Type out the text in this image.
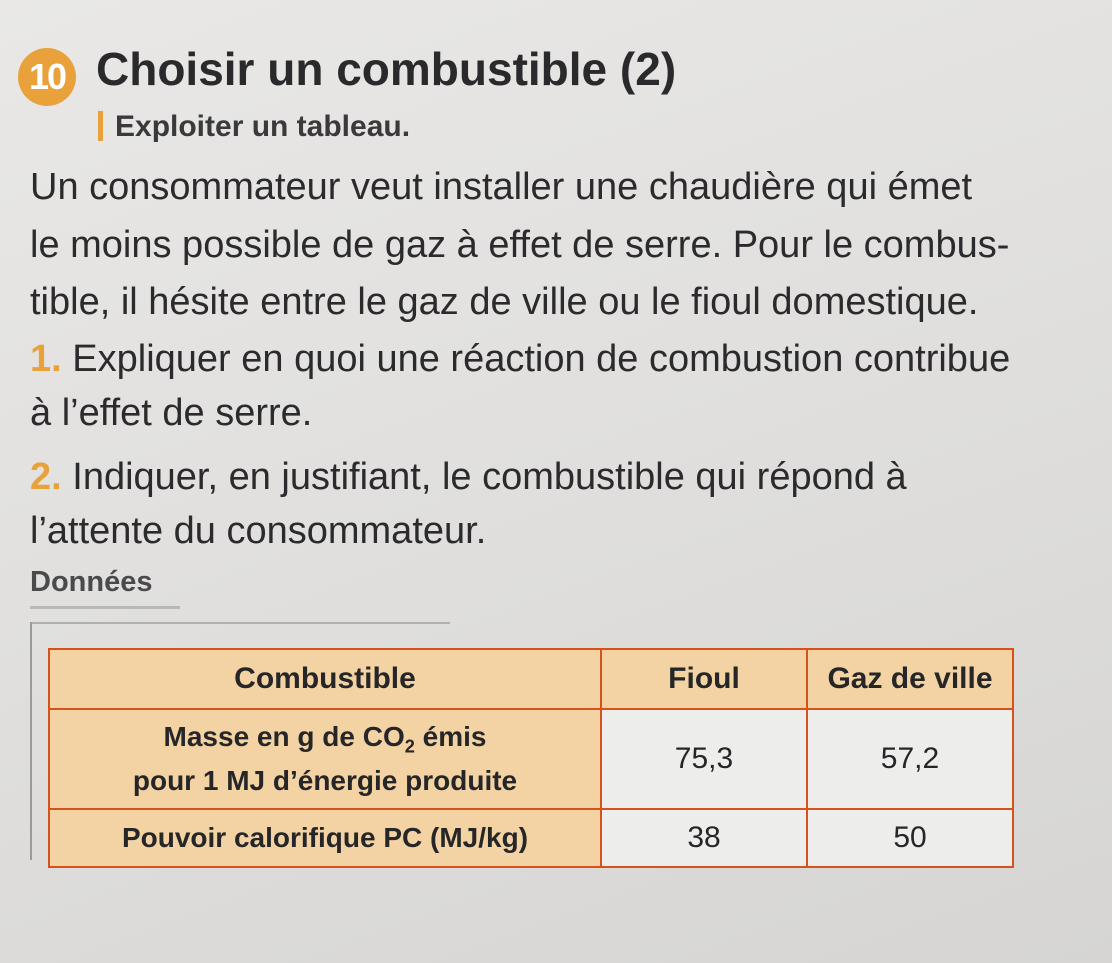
10 Choisir un combustible (2)
Exploiter un tableau.
Un consommateur veut installer une chaudière qui émet
le moins possible de gaz à effet de serre. Pour le combus-
tible, il hésite entre le gaz de ville ou le fioul domestique.
1. Expliquer en quoi une réaction de combustion contribue
à l’effet de serre.
2. Indiquer, en justifiant, le combustible qui répond à
l’attente du consommateur.
Données
Combustible	Fioul	Gaz de ville
Masse en g de $CO_2$ émis
pour 1 MJ d’énergie produite	75,3	57,2
Pouvoir calorifique PC (MJ/kg)	38	50
